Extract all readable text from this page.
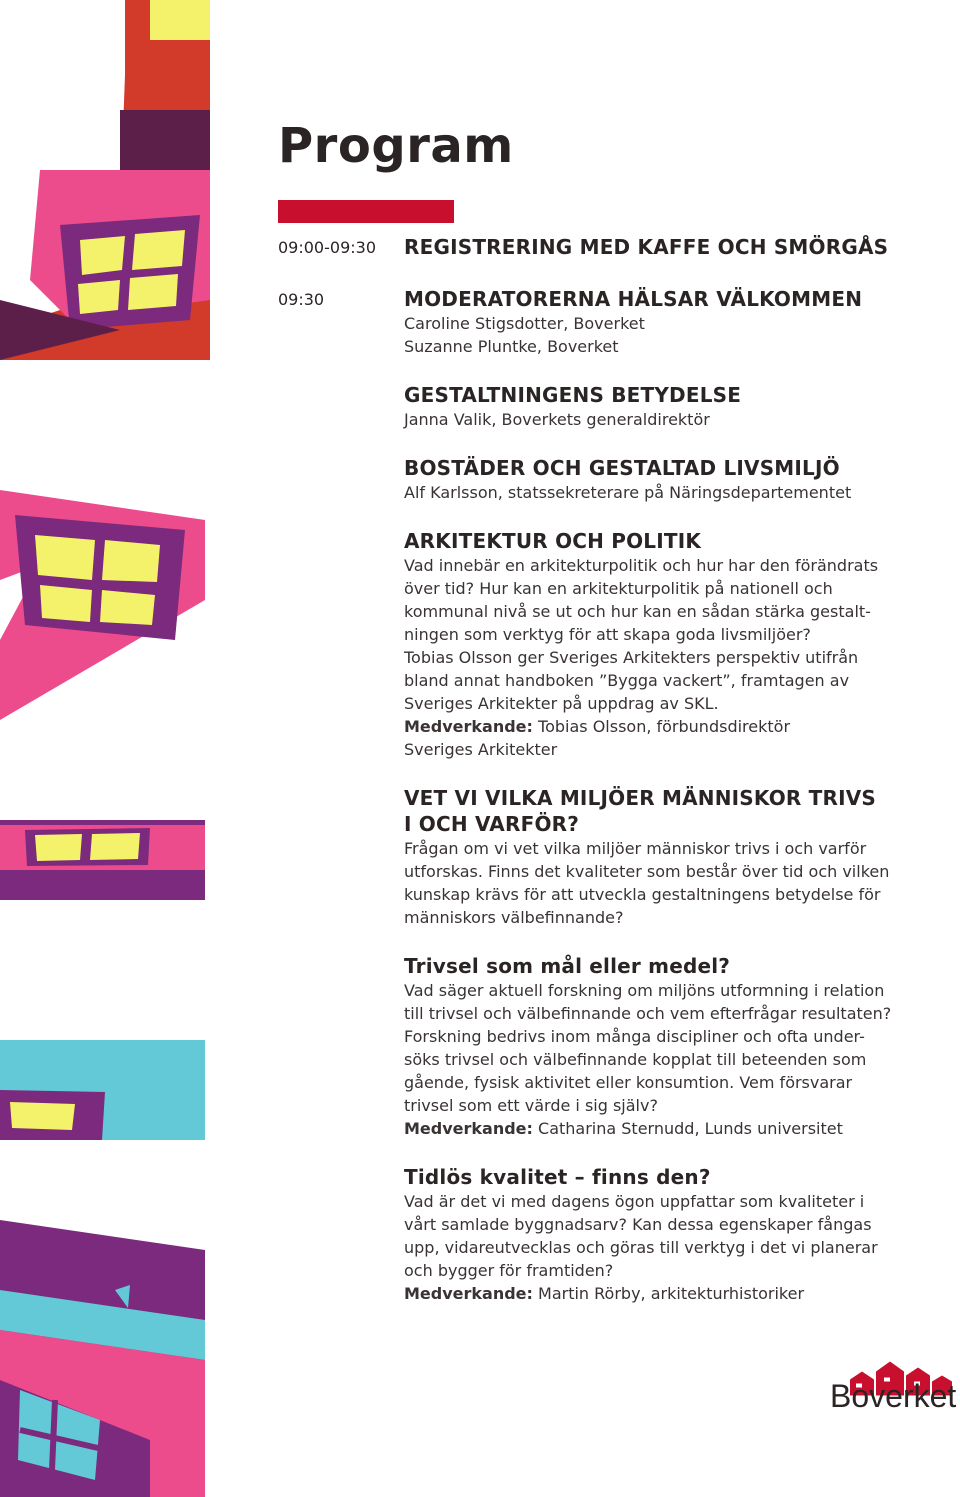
Program
09:00-09:30
09:30
REGISTRERING MED KAFFE OCH SMÖRGÅS
MODERATORERNA HÄLSAR VÄLKOMMEN
Caroline Stigsdotter, Boverket
Suzanne Pluntke, Boverket
GESTALTNINGENS BETYDELSE
Janna Valik, Boverkets generaldirektör
BOSTÄDER OCH GESTALTAD LIVSMILJÖ
Alf Karlsson, statssekreterare på Näringsdepartementet
ARKITEKTUR OCH POLITIK
Vad innebär en arkitekturpolitik och hur har den förändrats
över tid? Hur kan en arkitekturpolitik på nationell och
kommunal nivå se ut och hur kan en sådan stärka gestalt-
ningen som verktyg för att skapa goda livsmiljöer?
Tobias Olsson ger Sveriges Arkitekters perspektiv utifrån
bland annat handboken ”Bygga vackert”, framtagen av
Sveriges Arkitekter på uppdrag av SKL.
Medverkande: Tobias Olsson, förbundsdirektör
Sveriges Arkitekter
VET VI VILKA MILJÖER MÄNNISKOR TRIVS
I OCH VARFÖR?
Frågan om vi vet vilka miljöer människor trivs i och varför
utforskas. Finns det kvaliteter som består över tid och vilken
kunskap krävs för att utveckla gestaltningens betydelse för
människors välbefinnande?
Trivsel som mål eller medel?
Vad säger aktuell forskning om miljöns utformning i relation
till trivsel och välbefinnande och vem efterfrågar resultaten?
Forskning bedrivs inom många discipliner och ofta under-
söks trivsel och välbefinnande kopplat till beteenden som
gående, fysisk aktivitet eller konsumtion. Vem försvarar
trivsel som ett värde i sig själv?
Medverkande: Catharina Sternudd, Lunds universitet
Tidlös kvalitet – finns den?
Vad är det vi med dagens ögon uppfattar som kvaliteter i
vårt samlade byggnadsarv? Kan dessa egenskaper fångas
upp, vidareutvecklas och göras till verktyg i det vi planerar
och bygger för framtiden?
Medverkande: Martin Rörby, arkitekturhistoriker
Boverket
